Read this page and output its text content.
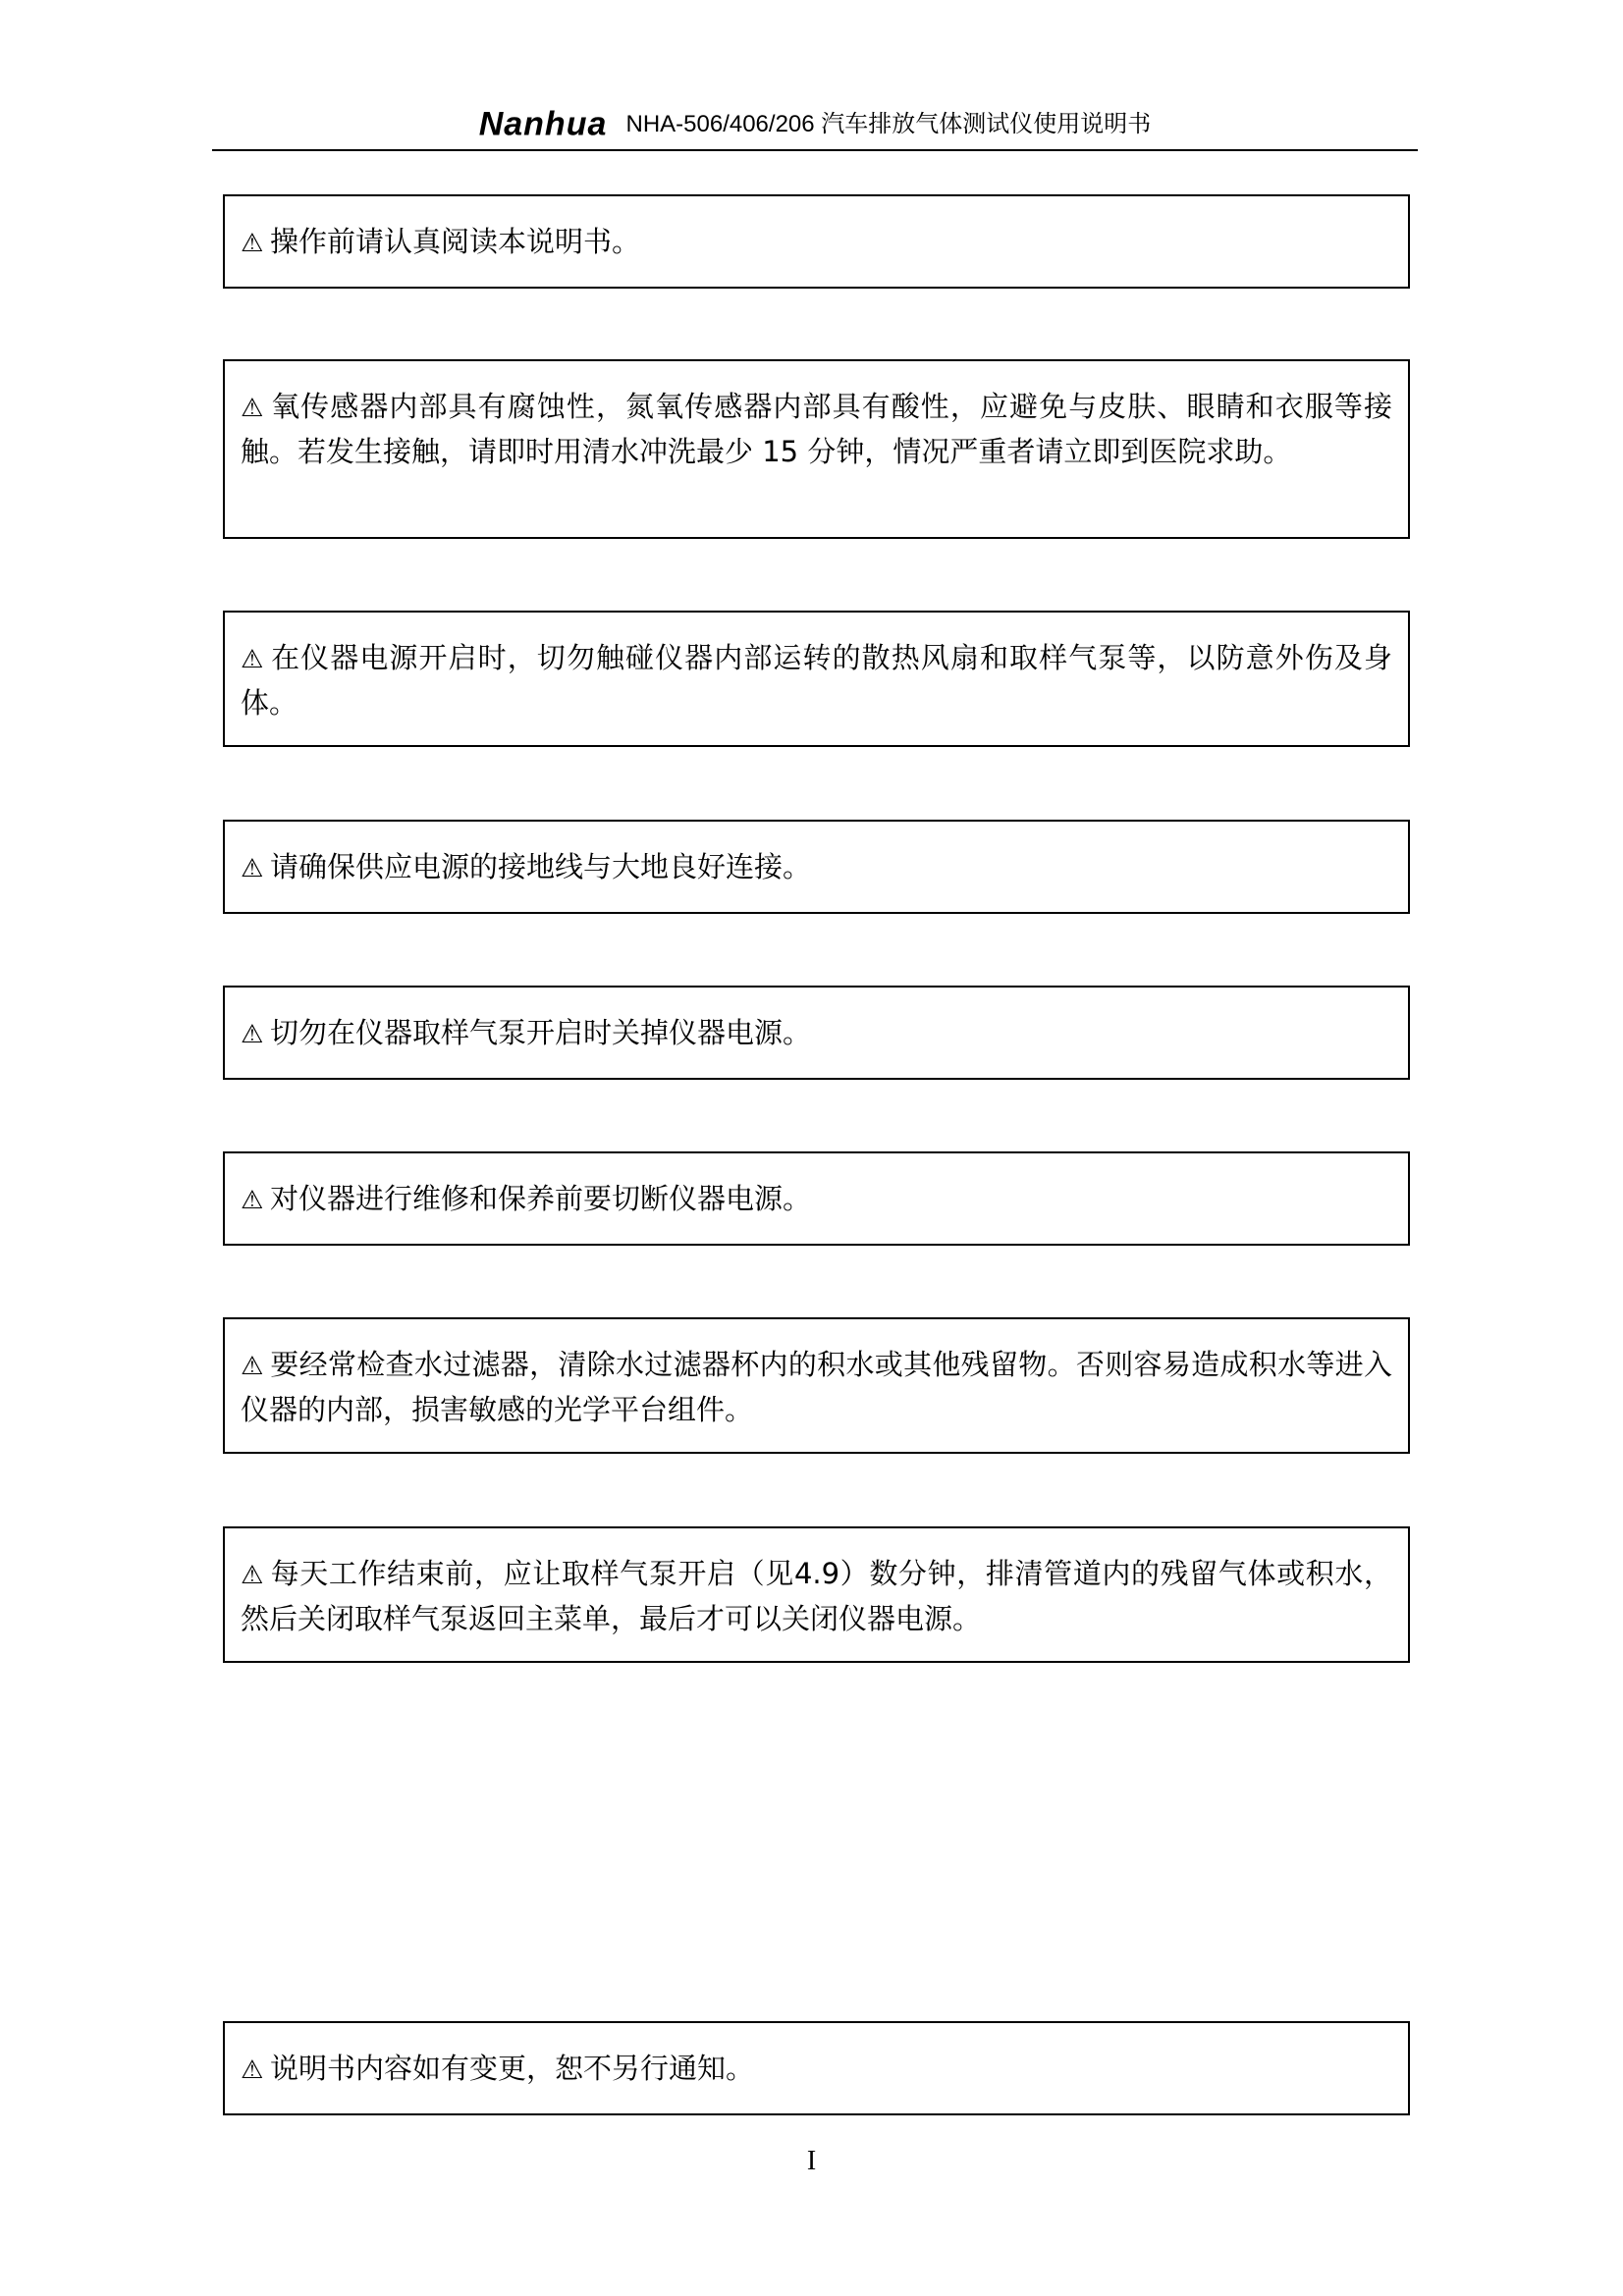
Nanhua NHA-506/406/206 汽车排放气体测试仪使用说明书
⚠ 操作前请认真阅读本说明书。
⚠ 氧传感器内部具有腐蚀性，氮氧传感器内部具有酸性，应避免与皮肤、眼睛和衣服等接触。若发生接触，请即时用清水冲洗最少 15 分钟，情况严重者请立即到医院求助。
⚠ 在仪器电源开启时，切勿触碰仪器内部运转的散热风扇和取样气泵等，以防意外伤及身体。
⚠ 请确保供应电源的接地线与大地良好连接。
⚠ 切勿在仪器取样气泵开启时关掉仪器电源。
⚠ 对仪器进行维修和保养前要切断仪器电源。
⚠ 要经常检查水过滤器，清除水过滤器杯内的积水或其他残留物。否则容易造成积水等进入仪器的内部，损害敏感的光学平台组件。
⚠ 每天工作结束前，应让取样气泵开启（见4.9）数分钟，排清管道内的残留气体或积水，然后关闭取样气泵返回主菜单，最后才可以关闭仪器电源。
⚠ 说明书内容如有变更，恕不另行通知。
I
